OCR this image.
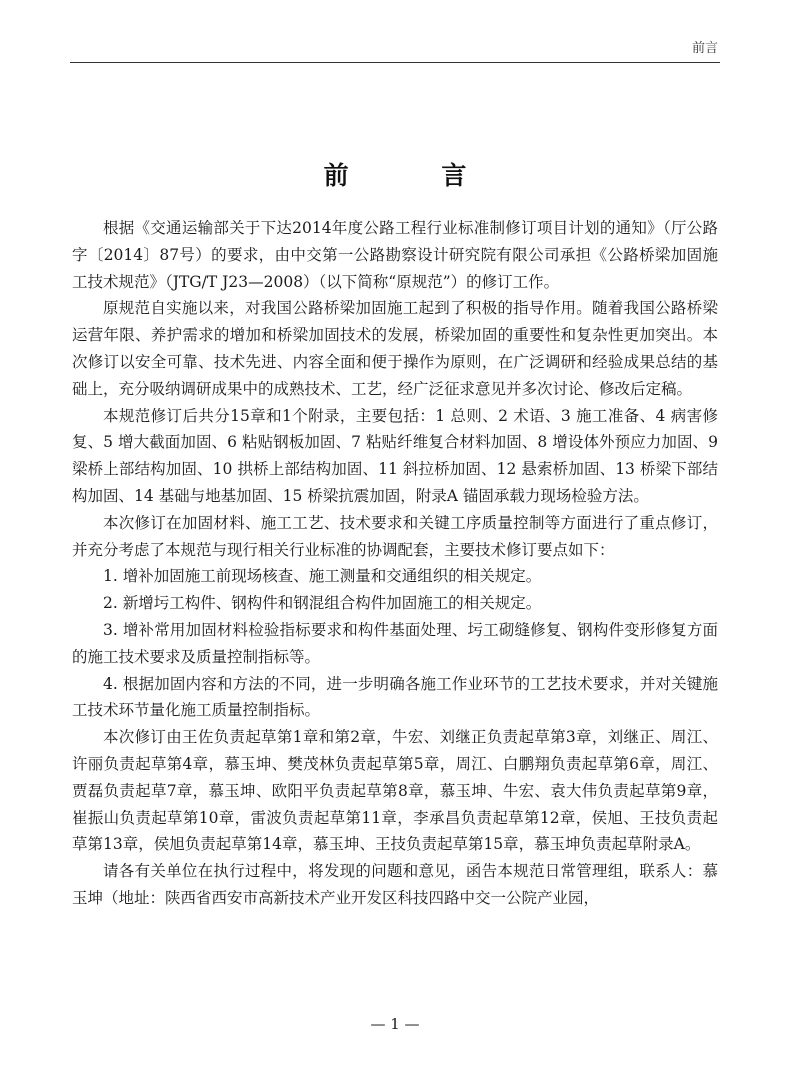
前言
前 言

根据《交通运输部关于下达2014年度公路工程行业标准制修订项目计划的通知》（厅公路字〔2014〕87号）的要求，由中交第一公路勘察设计研究院有限公司承担《公路桥梁加固施工技术规范》（JTG/T J23—2008）（以下简称“原规范”）的修订工作。

原规范自实施以来，对我国公路桥梁加固施工起到了积极的指导作用。随着我国公路桥梁运营年限、养护需求的增加和桥梁加固技术的发展，桥梁加固的重要性和复杂性更加突出。本次修订以安全可靠、技术先进、内容全面和便于操作为原则，在广泛调研和经验成果总结的基础上，充分吸纳调研成果中的成熟技术、工艺，经广泛征求意见并多次讨论、修改后定稿。

本规范修订后共分15章和1个附录，主要包括：1 总则、2 术语、3 施工准备、4 病害修复、5 增大截面加固、6 粘贴钢板加固、7 粘贴纤维复合材料加固、8 增设体外预应力加固、9 梁桥上部结构加固、10 拱桥上部结构加固、11 斜拉桥加固、12 悬索桥加固、13 桥梁下部结构加固、14 基础与地基加固、15 桥梁抗震加固，附录A 锚固承载力现场检验方法。

本次修订在加固材料、施工工艺、技术要求和关键工序质量控制等方面进行了重点修订，并充分考虑了本规范与现行相关行业标准的协调配套，主要技术修订要点如下：

1. 增补加固施工前现场核查、施工测量和交通组织的相关规定。

2. 新增圬工构件、钢构件和钢混组合构件加固施工的相关规定。

3. 增补常用加固材料检验指标要求和构件基面处理、圬工砌缝修复、钢构件变形修复方面的施工技术要求及质量控制指标等。

4. 根据加固内容和方法的不同，进一步明确各施工作业环节的工艺技术要求，并对关键施工技术环节量化施工质量控制指标。

本次修订由王佐负责起草第1章和第2章，牛宏、刘继正负责起草第3章，刘继正、周江、许丽负责起草第4章，慕玉坤、樊茂林负责起草第5章，周江、白鹏翔负责起草第6章，周江、贾磊负责起草7章，慕玉坤、欧阳平负责起草第8章，慕玉坤、牛宏、袁大伟负责起草第9章，崔振山负责起草第10章，雷波负责起草第11章，李承昌负责起草第12章，侯旭、王技负责起草第13章，侯旭负责起草第14章，慕玉坤、王技负责起草第15章，慕玉坤负责起草附录A。

请各有关单位在执行过程中，将发现的问题和意见，函告本规范日常管理组，联系人：慕玉坤（地址：陕西省西安市高新技术产业开发区科技四路中交一公院产业园，

— 1 —
